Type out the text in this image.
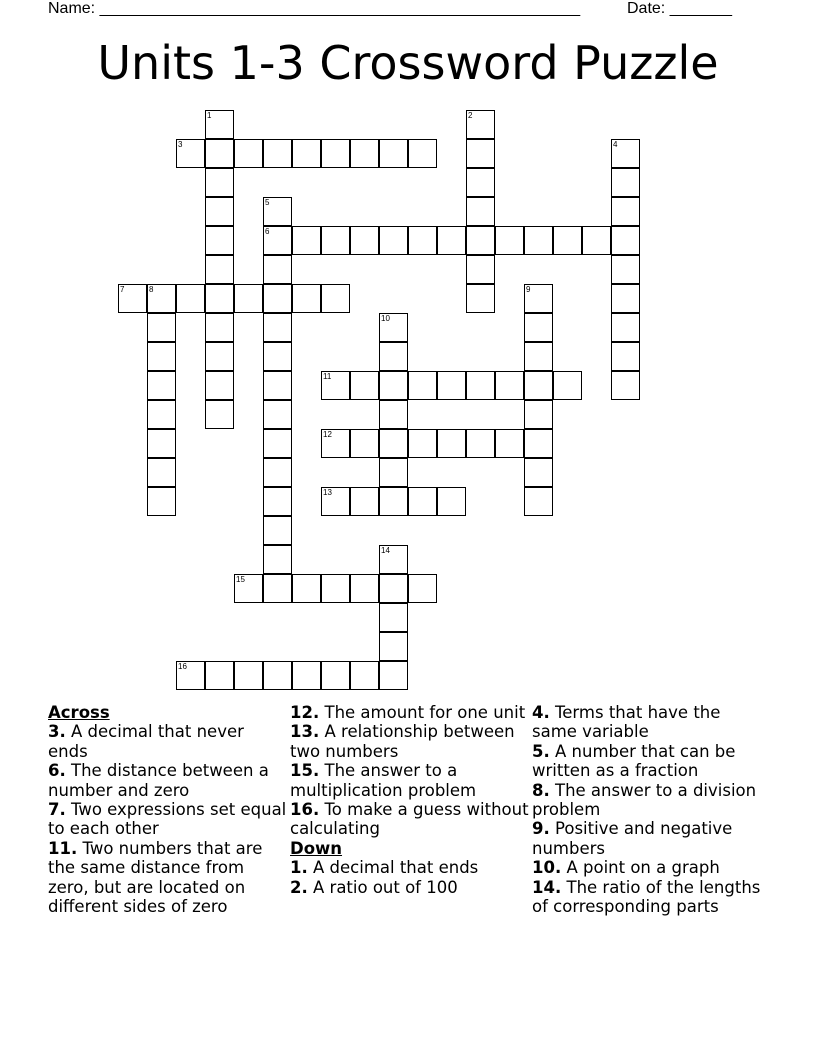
Name: ______________________________________________________	Date: _______
Units 1-3 Crossword Puzzle
1	2
3	4
5
6
7	8	9
10
11
12
13
14
15
16
Across
3. A decimal that never ends
6. The distance between a number and zero
7. Two expressions set equal to each other
11. Two numbers that are the same distance from zero, but are located on different sides of zero
12. The amount for one unit
13. A relationship between two numbers
15. The answer to a multiplication problem
16. To make a guess without calculating
Down
1. A decimal that ends
2. A ratio out of 100
4. Terms that have the same variable
5. A number that can be written as a fraction
8. The answer to a division problem
9. Positive and negative numbers
10. A point on a graph
14. The ratio of the lengths of corresponding parts
